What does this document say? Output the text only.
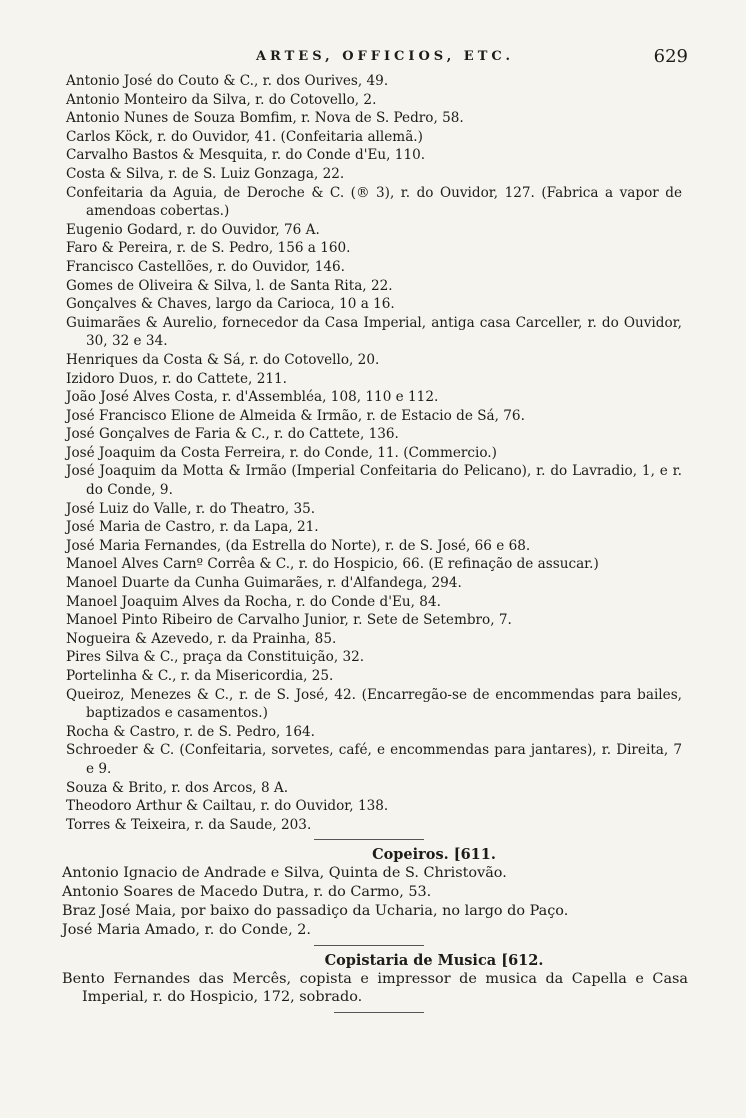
ARTES, OFFICIOS, ETC.	629
Antonio José do Couto & C., r. dos Ourives, 49.
Antonio Monteiro da Silva, r. do Cotovello, 2.
Antonio Nunes de Souza Bomfim, r. Nova de S. Pedro, 58.
Carlos Köck, r. do Ouvidor, 41. (Confeitaria allemã.)
Carvalho Bastos & Mesquita, r. do Conde d'Eu, 110.
Costa & Silva, r. de S. Luiz Gonzaga, 22.
Confeitaria da Aguia, de Deroche & C. (® 3), r. do Ouvidor, 127. (Fabrica a vapor de amendoas cobertas.)
Eugenio Godard, r. do Ouvidor, 76 A.
Faro & Pereira, r. de S. Pedro, 156 a 160.
Francisco Castellões, r. do Ouvidor, 146.
Gomes de Oliveira & Silva, l. de Santa Rita, 22.
Gonçalves & Chaves, largo da Carioca, 10 a 16.
Guimarães & Aurelio, fornecedor da Casa Imperial, antiga casa Carceller, r. do Ouvidor, 30, 32 e 34.
Henriques da Costa & Sá, r. do Cotovello, 20.
Izidoro Duos, r. do Cattete, 211.
João José Alves Costa, r. d'Assembléa, 108, 110 e 112.
José Francisco Elione de Almeida & Irmão, r. de Estacio de Sá, 76.
José Gonçalves de Faria & C., r. do Cattete, 136.
José Joaquim da Costa Ferreira, r. do Conde, 11. (Commercio.)
José Joaquim da Motta & Irmão (Imperial Confeitaria do Pelicano), r. do Lavradio, 1, e r. do Conde, 9.
José Luiz do Valle, r. do Theatro, 35.
José Maria de Castro, r. da Lapa, 21.
José Maria Fernandes, (da Estrella do Norte), r. de S. José, 66 e 68.
Manoel Alves Carnº Corrêa & C., r. do Hospicio, 66. (E refinação de assucar.)
Manoel Duarte da Cunha Guimarães, r. d'Alfandega, 294.
Manoel Joaquim Alves da Rocha, r. do Conde d'Eu, 84.
Manoel Pinto Ribeiro de Carvalho Junior, r. Sete de Setembro, 7.
Nogueira & Azevedo, r. da Prainha, 85.
Pires Silva & C., praça da Constituição, 32.
Portelinha & C., r. da Misericordia, 25.
Queiroz, Menezes & C., r. de S. José, 42. (Encarregão-se de encommendas para bailes, baptizados e casamentos.)
Rocha & Castro, r. de S. Pedro, 164.
Schroeder & C. (Confeitaria, sorvetes, café, e encommendas para jantares), r. Direita, 7 e 9.
Souza & Brito, r. dos Arcos, 8 A.
Theodoro Arthur & Cailtau, r. do Ouvidor, 138.
Torres & Teixeira, r. da Saude, 203.
Copeiros. [611.
Antonio Ignacio de Andrade e Silva, Quinta de S. Christovão.
Antonio Soares de Macedo Dutra, r. do Carmo, 53.
Braz José Maia, por baixo do passadiço da Ucharia, no largo do Paço.
José Maria Amado, r. do Conde, 2.
Copistaria de Musica [612.
Bento Fernandes das Mercês, copista e impressor de musica da Capella e Casa Imperial, r. do Hospicio, 172, sobrado.
